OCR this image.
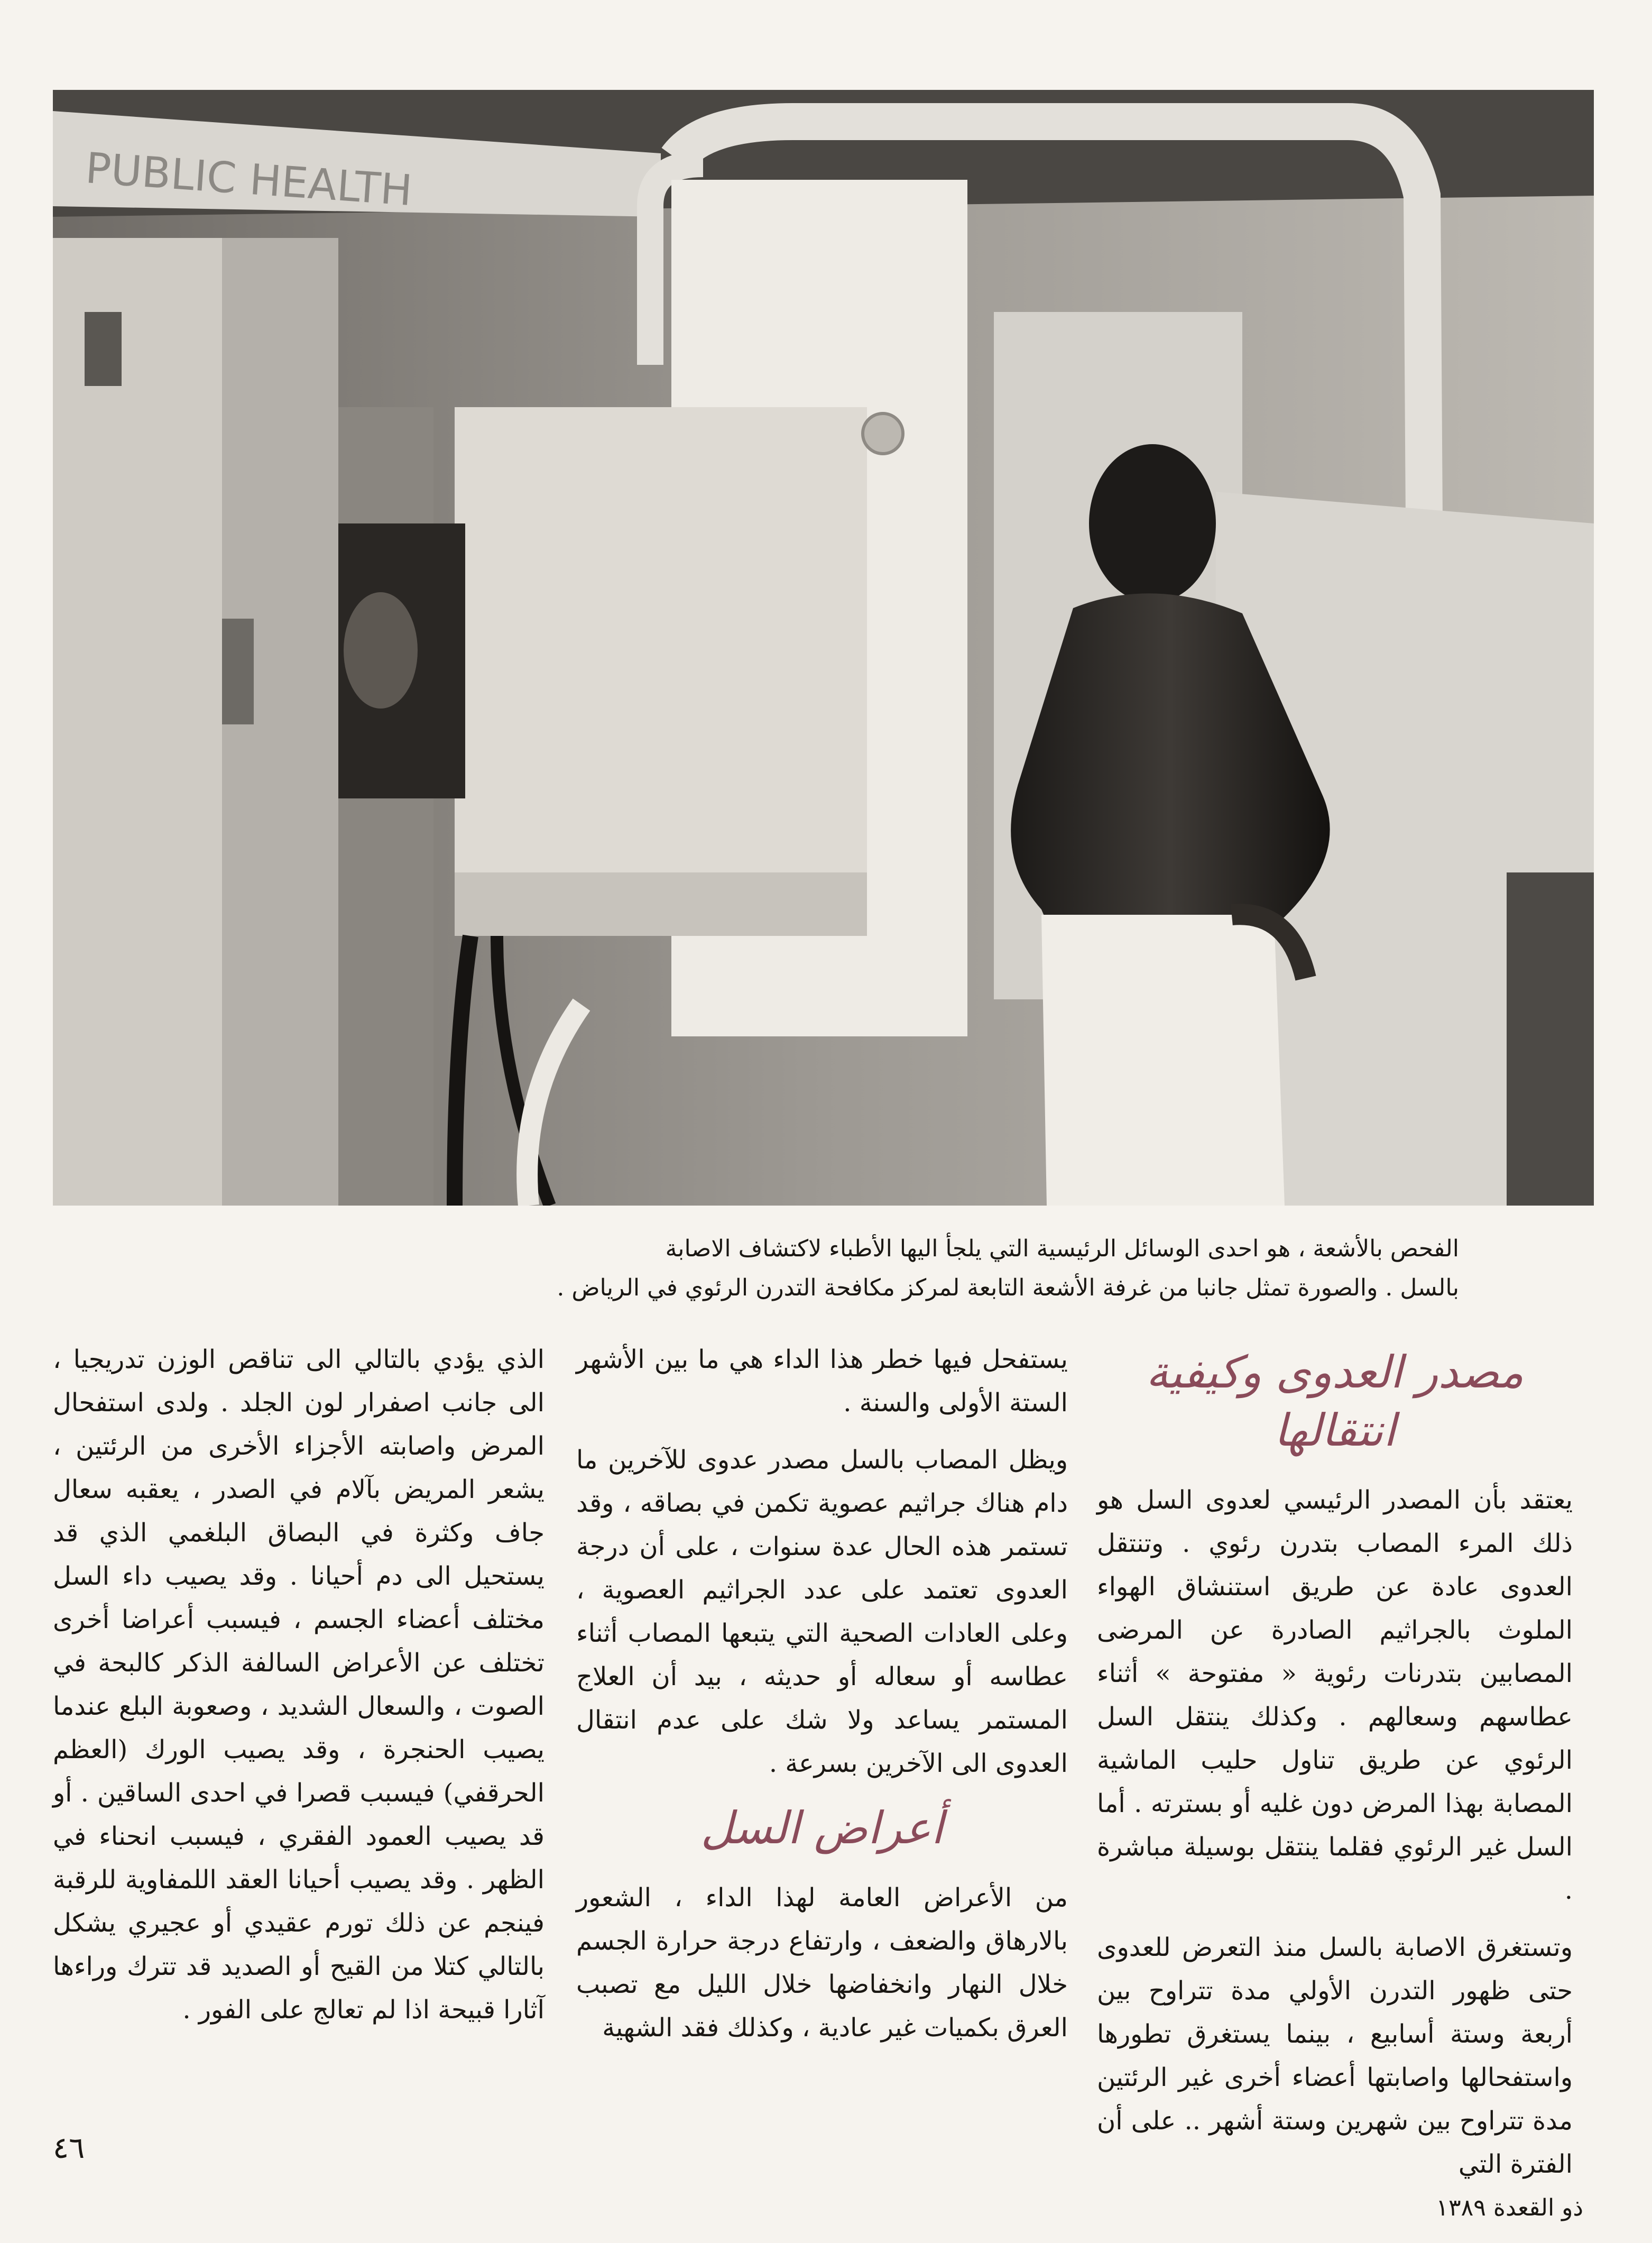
PUBLIC HEALTH

الفحص بالأشعة ، هو احدى الوسائل الرئيسية التي يلجأ اليها الأطباء لاكتشاف الاصابة

بالسل . والصورة تمثل جانبا من غرفة الأشعة التابعة لمركز مكافحة التدرن الرئوي في الرياض .

مصدر العدوى وكيفية انتقالها

يعتقد بأن المصدر الرئيسي لعدوى السل هو ذلك المرء المصاب بتدرن رئوي . وتنتقل العدوى عادة عن طريق استنشاق الهواء الملوث بالجراثيم الصادرة عن المرضى المصابين بتدرنات رئوية « مفتوحة » أثناء عطاسهم وسعالهم . وكذلك ينتقل السل الرئوي عن طريق تناول حليب الماشية المصابة بهذا المرض دون غليه أو بسترته . أما السل غير الرئوي فقلما ينتقل بوسيلة مباشرة .

وتستغرق الاصابة بالسل منذ التعرض للعدوى حتى ظهور التدرن الأولي مدة تتراوح بين أربعة وستة أسابيع ، بينما يستغرق تطورها واستفحالها واصابتها أعضاء أخرى غير الرئتين مدة تتراوح بين شهرين وستة أشهر .. على أن الفترة التي

يستفحل فيها خطر هذا الداء هي ما بين الأشهر الستة الأولى والسنة .

ويظل المصاب بالسل مصدر عدوى للآخرين ما دام هناك جراثيم عصوية تكمن في بصاقه ، وقد تستمر هذه الحال عدة سنوات ، على أن درجة العدوى تعتمد على عدد الجراثيم العصوية ، وعلى العادات الصحية التي يتبعها المصاب أثناء عطاسه أو سعاله أو حديثه ، بيد أن العلاج المستمر يساعد ولا شك على عدم انتقال العدوى الى الآخرين بسرعة .

أعراض السل

من الأعراض العامة لهذا الداء ، الشعور بالارهاق والضعف ، وارتفاع درجة حرارة الجسم خلال النهار وانخفاضها خلال الليل مع تصبب العرق بكميات غير عادية ، وكذلك فقد الشهية

الذي يؤدي بالتالي الى تناقص الوزن تدريجيا ، الى جانب اصفرار لون الجلد . ولدى استفحال المرض واصابته الأجزاء الأخرى من الرئتين ، يشعر المريض بآلام في الصدر ، يعقبه سعال جاف وكثرة في البصاق البلغمي الذي قد يستحيل الى دم أحيانا . وقد يصيب داء السل مختلف أعضاء الجسم ، فيسبب أعراضا أخرى تختلف عن الأعراض السالفة الذكر كالبحة في الصوت ، والسعال الشديد ، وصعوبة البلع عندما يصيب الحنجرة ، وقد يصيب الورك (العظم الحرقفي) فيسبب قصرا في احدى الساقين . أو قد يصيب العمود الفقري ، فيسبب انحناء في الظهر . وقد يصيب أحيانا العقد اللمفاوية للرقبة فينجم عن ذلك تورم عقيدي أو عجيري يشكل بالتالي كتلا من القيح أو الصديد قد تترك وراءها آثارا قبيحة اذا لم تعالج على الفور .

٤٦
ذو القعدة ١٣٨٩
